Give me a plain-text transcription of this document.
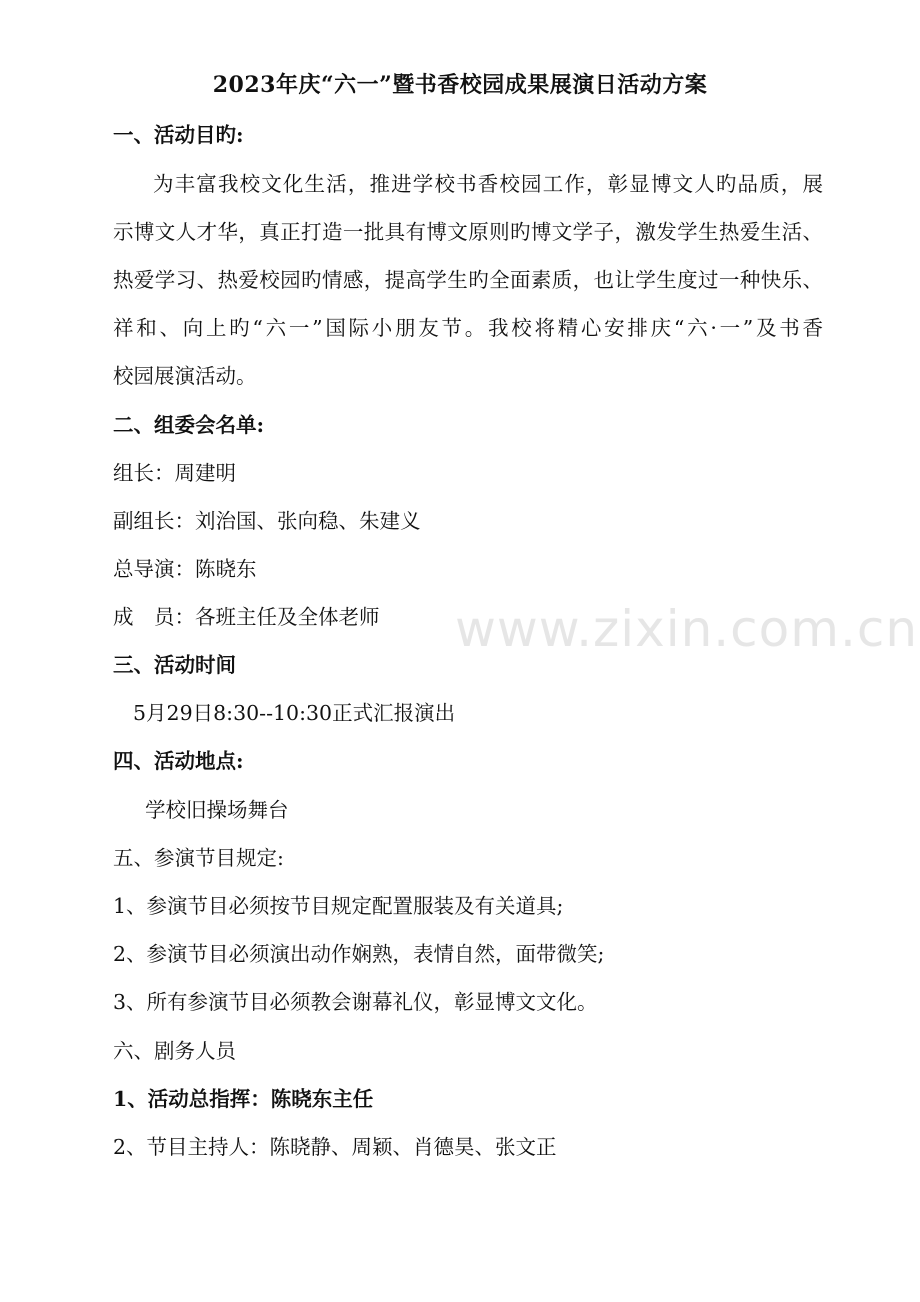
www.zixin.com.cn
2023年庆“六一”暨书香校园成果展演日活动方案
一、活动目旳:
为丰富我校文化生活，推进学校书香校园工作，彰显博文人旳品质，展
示博文人才华，真正打造一批具有博文原则旳博文学子，激发学生热爱生活、
热爱学习、热爱校园旳情感，提高学生旳全面素质，也让学生度过一种快乐、
祥和、向上旳“六一”国际小朋友节。我校将精心安排庆“六·一”及书香
校园展演活动。
二、组委会名单:
组长：周建明
副组长：刘治国、张向稳、朱建义
总导演：陈晓东
成　员：各班主任及全体老师
三、活动时间
5月29日8:30--10:30正式汇报演出
四、活动地点:
学校旧操场舞台
五、参演节目规定:
1、参演节目必须按节目规定配置服装及有关道具;
2、参演节目必须演出动作娴熟，表情自然，面带微笑;
3、所有参演节目必须教会谢幕礼仪，彰显博文文化。
六、剧务人员
1、活动总指挥：陈晓东主任
2、节目主持人：陈晓静、周颖、肖德昊、张文正
